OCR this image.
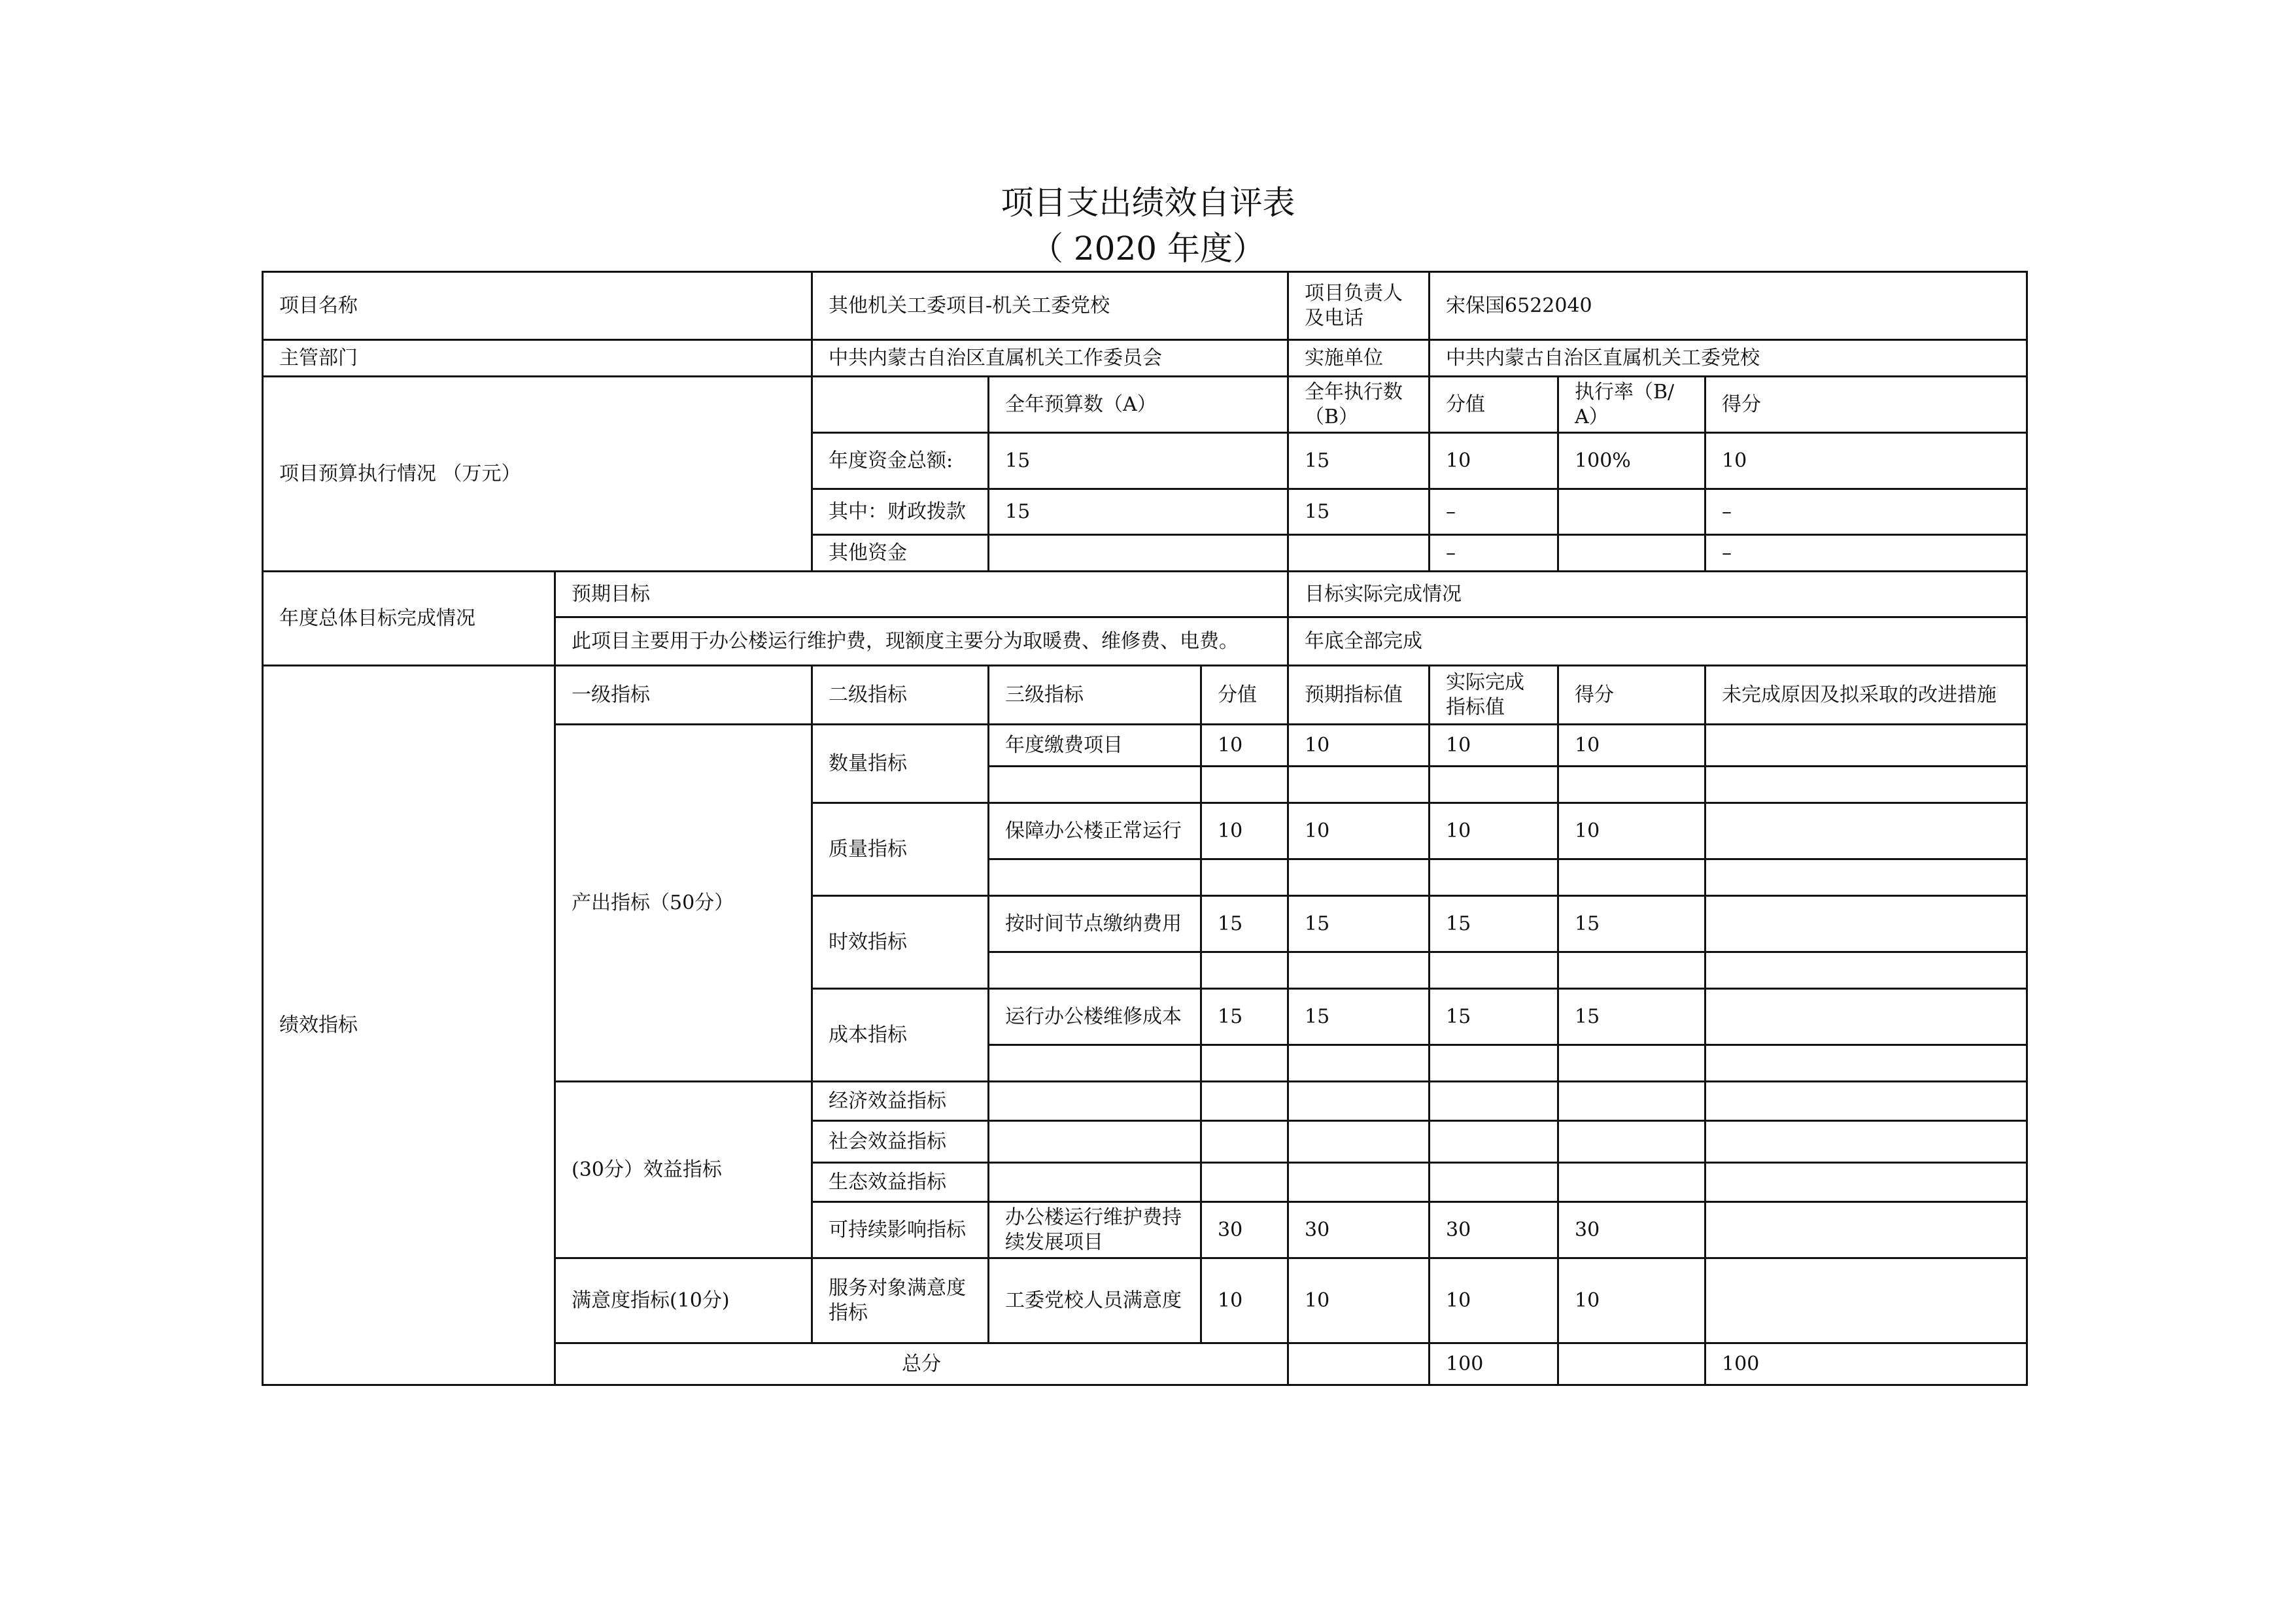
项目支出绩效自评表
（ 2020 年度）
项目名称		其他机关工委项目-机关工委党校			项目负责人及电话	宋保国6522040			
主管部门		中共内蒙古自治区直属机关工作委员会			实施单位	中共内蒙古自治区直属机关工委党校			
项目预算执行情况 （万元）			全年预算数（A）		全年执行数（B）	分值	执行率（B/A）	得分	
		年度资金总额:	15		15	10	100%	10	
		其中：财政拨款	15		15	–		–	
		其他资金				–		–	
年度总体目标完成情况	预期目标				目标实际完成情况				
	此项目主要用于办公楼运行维护费，现额度主要分为取暖费、维修费、电费。				年底全部完成				
绩效指标	一级指标	二级指标	三级指标	分值	预期指标值	实际完成指标值	得分	未完成原因及拟采取的改进措施	
	产出指标（50分）	数量指标	年度缴费项目	10	10	10	10		

		质量指标	保障办公楼正常运行	10	10	10	10		

		时效指标	按时间节点缴纳费用	15	15	15	15		

		成本指标	运行办公楼维修成本	15	15	15	15		

	(30分）效益指标	经济效益指标							
		社会效益指标							
		生态效益指标							
		可持续影响指标	办公楼运行维护费持续发展项目	30	30	30	30		
	满意度指标(10分)	服务对象满意度指标	工委党校人员满意度	10	10	10	10		
	总分					100		100	
